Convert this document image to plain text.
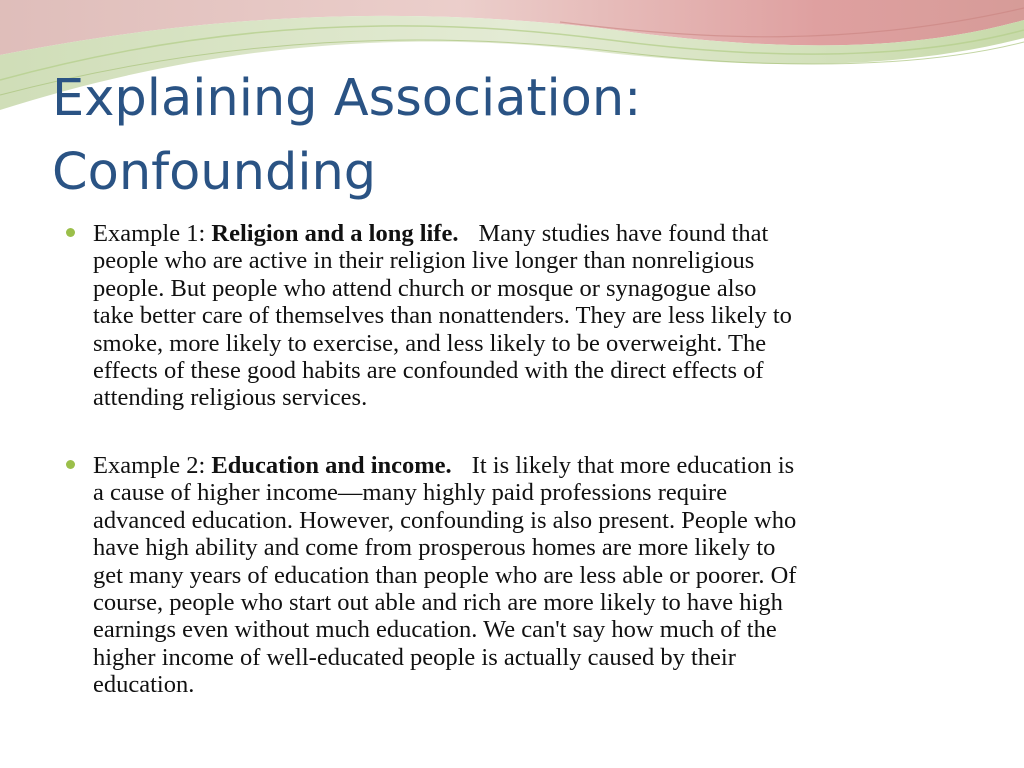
Explaining Association:
Confounding
Example 1: Religion and a long life. Many studies have found that
people who are active in their religion live longer than nonreligious
people. But people who attend church or mosque or synagogue also
take better care of themselves than nonattenders. They are less likely to
smoke, more likely to exercise, and less likely to be overweight. The
effects of these good habits are confounded with the direct effects of
attending religious services.
Example 2: Education and income. It is likely that more education is
a cause of higher income—many highly paid professions require
advanced education. However, confounding is also present. People who
have high ability and come from prosperous homes are more likely to
get many years of education than people who are less able or poorer. Of
course, people who start out able and rich are more likely to have high
earnings even without much education. We can't say how much of the
higher income of well-educated people is actually caused by their
education.
